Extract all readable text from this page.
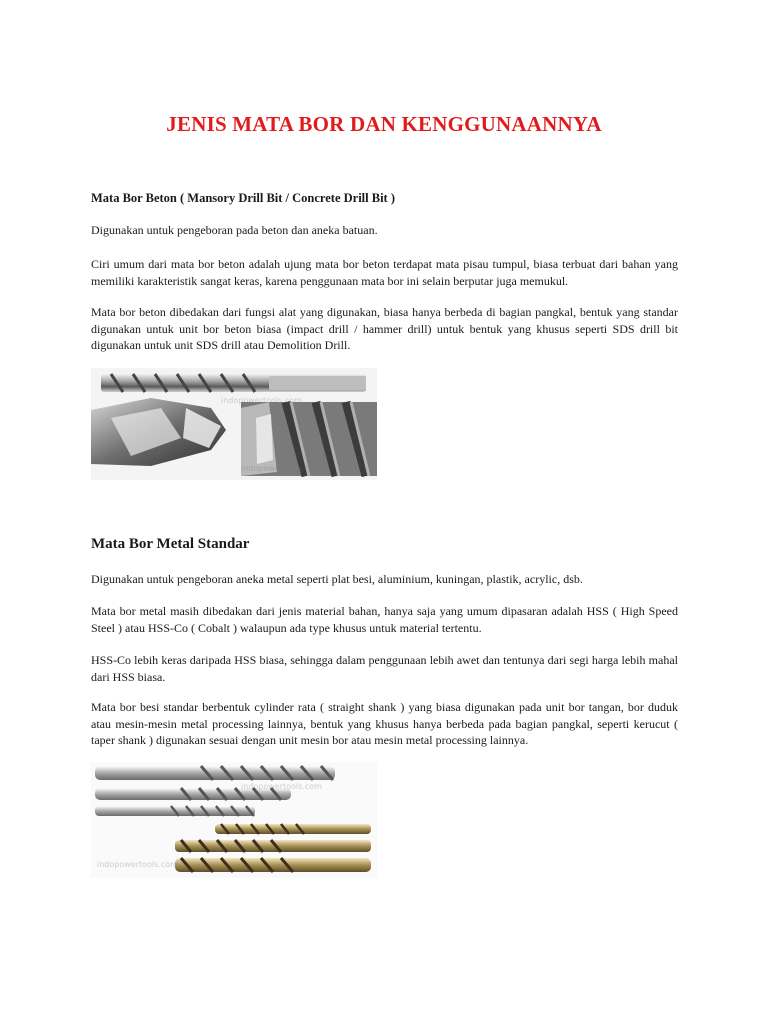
JENIS MATA BOR DAN KENGGUNAANNYA
Mata Bor Beton ( Mansory Drill Bit / Concrete Drill Bit )

Digunakan untuk pengeboran pada beton dan aneka batuan.

Ciri umum dari mata bor beton adalah ujung mata bor beton terdapat mata pisau tumpul, biasa terbuat dari bahan yang memiliki karakteristik sangat keras, karena penggunaan mata bor ini selain berputar juga memukul.

Mata bor beton dibedakan dari fungsi alat yang digunakan, biasa hanya berbeda di bagian pangkal, bentuk yang standar digunakan untuk unit bor beton biasa (impact drill / hammer drill) untuk bentuk yang khusus seperti SDS drill bit digunakan untuk unit SDS drill atau Demolition Drill.

indopowertools.com
indopowertools.com
Mata Bor Metal Standar

Digunakan untuk pengeboran aneka metal seperti plat besi, aluminium, kuningan, plastik, acrylic, dsb.

Mata bor metal masih dibedakan dari jenis material bahan, hanya saja yang umum dipasaran adalah HSS ( High Speed Steel ) atau HSS-Co ( Cobalt ) walaupun ada type khusus untuk material tertentu.

HSS-Co lebih keras daripada HSS biasa, sehingga dalam penggunaan lebih awet dan tentunya dari segi harga lebih mahal dari HSS biasa.

Mata bor besi standar berbentuk cylinder rata ( straight shank ) yang biasa digunakan pada unit bor tangan, bor duduk atau mesin-mesin metal processing lainnya, bentuk yang khusus hanya berbeda pada bagian pangkal, seperti kerucut ( taper shank ) digunakan sesuai dengan unit mesin bor atau mesin metal processing lainnya.

indopowertools.com
indopowertools.com
